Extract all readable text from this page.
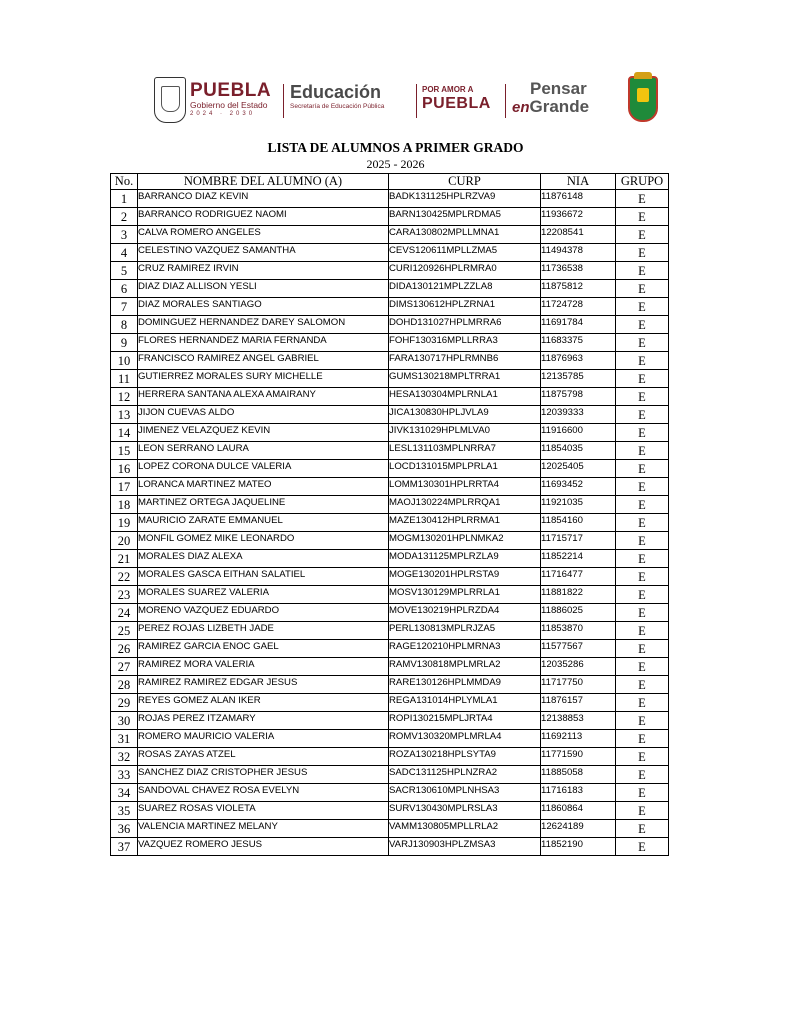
PUEBLA
Gobierno del Estado
2024 · 2030
Educación
Secretaría de Educación Pública
POR AMOR A
PUEBLA
Pensar
enGrande
LISTA DE ALUMNOS A PRIMER GRADO
2025 - 2026
No.	NOMBRE DEL ALUMNO (A)	CURP	NIA	GRUPO
1	BARRANCO DIAZ KEVIN	BADK131125HPLRZVA9	11876148	E
2	BARRANCO RODRIGUEZ NAOMI	BARN130425MPLRDMA5	11936672	E
3	CALVA ROMERO ANGELES	CARA130802MPLLMNA1	12208541	E
4	CELESTINO VAZQUEZ SAMANTHA	CEVS120611MPLLZMA5	11494378	E
5	CRUZ RAMIREZ IRVIN	CURI120926HPLRMRA0	11736538	E
6	DIAZ DIAZ ALLISON YESLI	DIDA130121MPLZZLA8	11875812	E
7	DIAZ MORALES SANTIAGO	DIMS130612HPLZRNA1	11724728	E
8	DOMINGUEZ HERNANDEZ DAREY SALOMON	DOHD131027HPLMRRA6	11691784	E
9	FLORES HERNANDEZ MARIA FERNANDA	FOHF130316MPLLRRA3	11683375	E
10	FRANCISCO RAMIREZ ANGEL GABRIEL	FARA130717HPLRMNB6	11876963	E
11	GUTIERREZ MORALES SURY MICHELLE	GUMS130218MPLTRRA1	12135785	E
12	HERRERA SANTANA ALEXA AMAIRANY	HESA130304MPLRNLA1	11875798	E
13	JIJON CUEVAS ALDO	JICA130830HPLJVLA9	12039333	E
14	JIMENEZ VELAZQUEZ KEVIN	JIVK131029HPLMLVA0	11916600	E
15	LEON SERRANO LAURA	LESL131103MPLNRRA7	11854035	E
16	LOPEZ CORONA DULCE VALERIA	LOCD131015MPLPRLA1	12025405	E
17	LORANCA MARTINEZ MATEO	LOMM130301HPLRRTA4	11693452	E
18	MARTINEZ ORTEGA JAQUELINE	MAOJ130224MPLRRQA1	11921035	E
19	MAURICIO ZARATE EMMANUEL	MAZE130412HPLRRMA1	11854160	E
20	MONFIL GOMEZ MIKE LEONARDO	MOGM130201HPLNMKA2	11715717	E
21	MORALES DIAZ ALEXA	MODA131125MPLRZLA9	11852214	E
22	MORALES GASCA EITHAN SALATIEL	MOGE130201HPLRSTA9	11716477	E
23	MORALES SUAREZ VALERIA	MOSV130129MPLRRLA1	11881822	E
24	MORENO VAZQUEZ EDUARDO	MOVE130219HPLRZDA4	11886025	E
25	PEREZ ROJAS LIZBETH JADE	PERL130813MPLRJZA5	11853870	E
26	RAMIREZ GARCIA ENOC GAEL	RAGE120210HPLMRNA3	11577567	E
27	RAMIREZ MORA VALERIA	RAMV130818MPLMRLA2	12035286	E
28	RAMIREZ RAMIREZ EDGAR JESUS	RARE130126HPLMMDA9	11717750	E
29	REYES GOMEZ ALAN IKER	REGA131014HPLYMLA1	11876157	E
30	ROJAS PEREZ ITZAMARY	ROPI130215MPLJRTA4	12138853	E
31	ROMERO MAURICIO VALERIA	ROMV130320MPLMRLA4	11692113	E
32	ROSAS ZAYAS ATZEL	ROZA130218HPLSYTA9	11771590	E
33	SANCHEZ DIAZ CRISTOPHER JESUS	SADC131125HPLNZRA2	11885058	E
34	SANDOVAL CHAVEZ ROSA EVELYN	SACR130610MPLNHSA3	11716183	E
35	SUAREZ ROSAS VIOLETA	SURV130430MPLRSLA3	11860864	E
36	VALENCIA MARTINEZ MELANY	VAMM130805MPLLRLA2	12624189	E
37	VAZQUEZ ROMERO JESUS	VARJ130903HPLZMSA3	11852190	E
